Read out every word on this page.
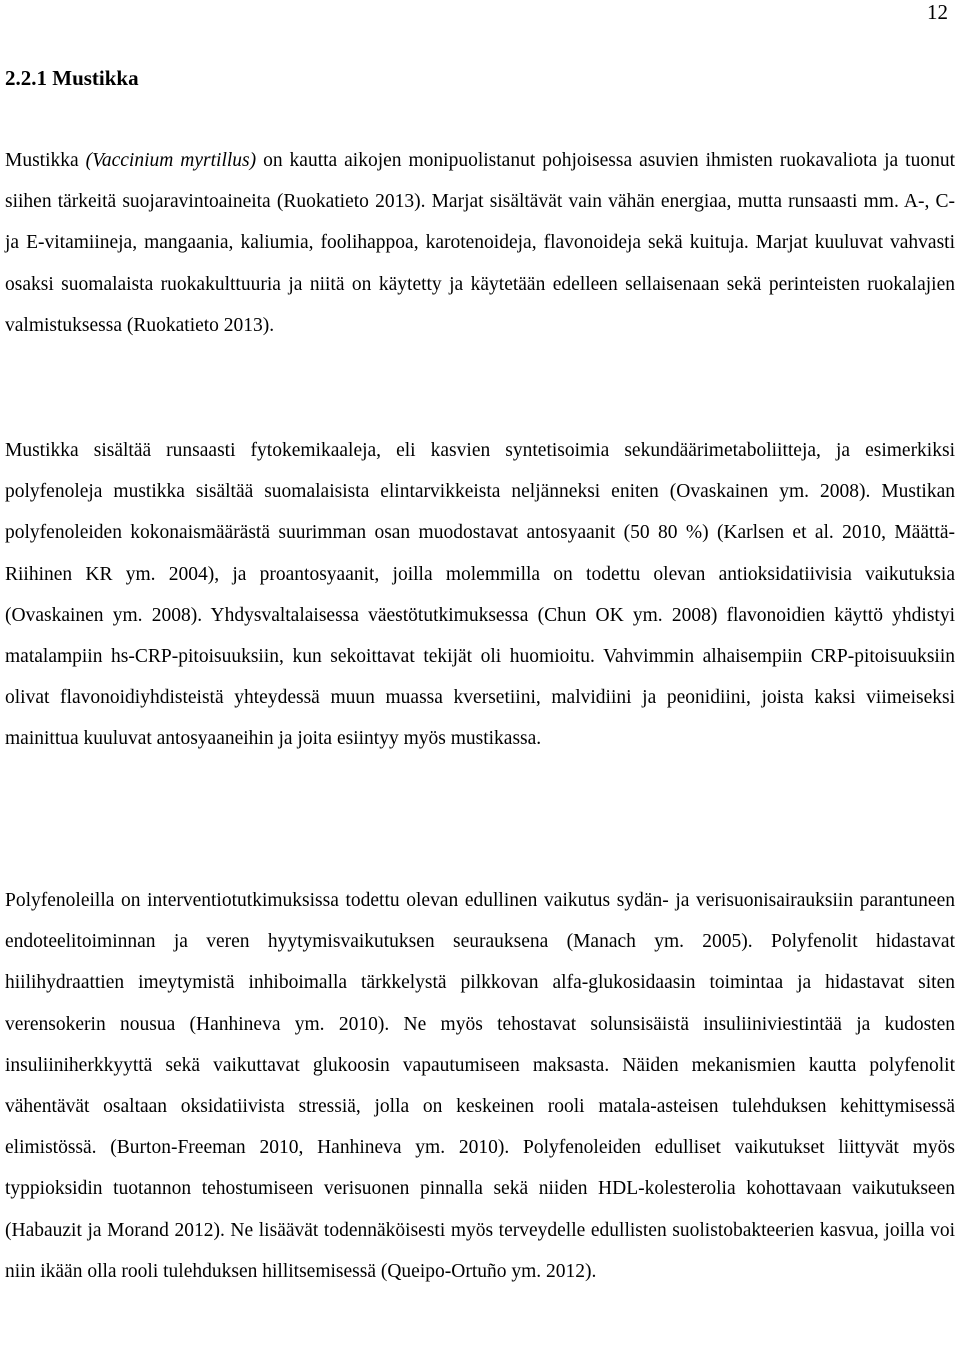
12
2.2.1 Mustikka

Mustikka (Vaccinium myrtillus) on kautta aikojen monipuolistanut pohjoisessa asuvien ihmisten ruokavaliota ja tuonut siihen tärkeitä suojaravintoaineita (Ruokatieto 2013). Marjat sisältävät vain vähän energiaa, mutta runsaasti mm. A-, C- ja E-vitamiineja, mangaania, kaliumia, foolihappoa, karotenoideja, flavonoideja sekä kuituja. Marjat kuuluvat vahvasti osaksi suomalaista ruokakulttuuria ja niitä on käytetty ja käytetään edelleen sellaisenaan sekä perinteisten ruokalajien valmistuksessa (Ruokatieto 2013).

Mustikka sisältää runsaasti fytokemikaaleja, eli kasvien syntetisoimia sekundäärimetaboliitteja, ja esimerkiksi polyfenoleja mustikka sisältää suomalaisista elintarvikkeista neljänneksi eniten (Ovaskainen ym. 2008). Mustikan polyfenoleiden kokonaismäärästä suurimman osan muodostavat antosyaanit (50 80 %) (Karlsen et al. 2010, Määttä-Riihinen KR ym. 2004), ja proantosyaanit, joilla molemmilla on todettu olevan antioksidatiivisia vaikutuksia (Ovaskainen ym. 2008). Yhdysvaltalaisessa väestötutkimuksessa (Chun OK ym. 2008) flavonoidien käyttö yhdistyi matalampiin hs-CRP-pitoisuuksiin, kun sekoittavat tekijät oli huomioitu. Vahvimmin alhaisempiin CRP-pitoisuuksiin olivat flavonoidiyhdisteistä yhteydessä muun muassa kversetiini, malvidiini ja peonidiini, joista kaksi viimeiseksi mainittua kuuluvat antosyaaneihin ja joita esiintyy myös mustikassa.

Polyfenoleilla on interventiotutkimuksissa todettu olevan edullinen vaikutus sydän- ja verisuonisairauksiin parantuneen endoteelitoiminnan ja veren hyytymisvaikutuksen seurauksena (Manach ym. 2005). Polyfenolit hidastavat hiilihydraattien imeytymistä inhiboimalla tärkkelystä pilkkovan alfa-glukosidaasin toimintaa ja hidastavat siten verensokerin nousua (Hanhineva ym. 2010). Ne myös tehostavat solunsisäistä insuliiniviestintää ja kudosten insuliiniherkkyyttä sekä vaikuttavat glukoosin vapautumiseen maksasta. Näiden mekanismien kautta polyfenolit vähentävät osaltaan oksidatiivista stressiä, jolla on keskeinen rooli matala-asteisen tulehduksen kehittymisessä elimistössä. (Burton-Freeman 2010, Hanhineva ym. 2010). Polyfenoleiden edulliset vaikutukset liittyvät myös typpioksidin tuotannon tehostumiseen verisuonen pinnalla sekä niiden HDL-kolesterolia kohottavaan vaikutukseen (Habauzit ja Morand 2012). Ne lisäävät todennäköisesti myös terveydelle edullisten suolistobakteerien kasvua, joilla voi niin ikään olla rooli tulehduksen hillitsemisessä (Queipo-Ortuño ym. 2012).
